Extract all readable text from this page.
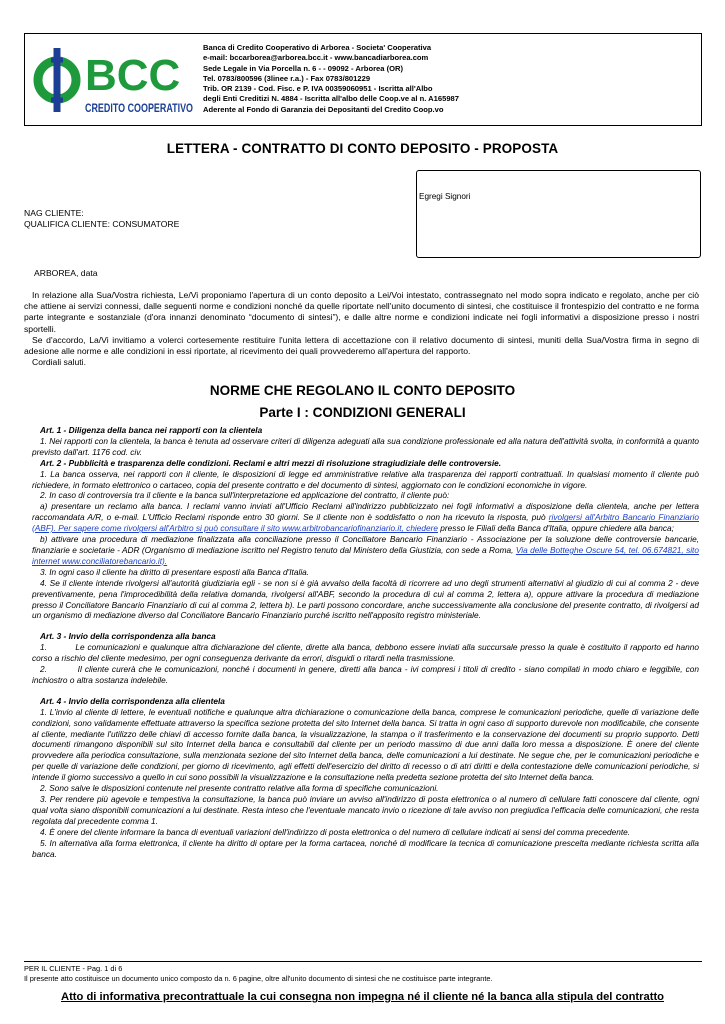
BCC
CREDITO COOPERATIVO
Banca di Credito Cooperativo di Arborea - Societa' Cooperativa
e-mail: bccarborea@arborea.bcc.it - www.bancadiarborea.com
Sede Legale in Via Porcella n. 6 - - 09092 - Arborea (OR)
Tel. 0783/800596 (3linee r.a.) - Fax 0783/801229
Trib. OR 2139 - Cod. Fisc. e P. IVA 00359060951 - Iscritta all'Albo
degli Enti Creditizi N. 4884 - Iscritta all'albo delle Coop.ve al n. A165987
Aderente al Fondo di Garanzia dei Depositanti del Credito Coop.vo
LETTERA - CONTRATTO DI CONTO DEPOSITO - PROPOSTA
Egregi Signori
NAG CLIENTE:
QUALIFICA CLIENTE: CONSUMATORE
ARBOREA, data

In relazione alla Sua/Vostra richiesta, Le/Vi proponiamo l'apertura di un conto deposito a Lei/Voi intestato, contrassegnato nel modo sopra indicato e regolato, anche per ciò che attiene ai servizi connessi, dalle seguenti norme e condizioni nonché da quelle riportate nell'unito documento di sintesi, che costituisce il frontespizio del contratto e ne forma parte integrante e sostanziale (d'ora innanzi denominato “documento di sintesi”), e dalle altre norme e condizioni indicate nei fogli informativi a disposizione presso i nostri sportelli.

Se d'accordo, La/Vi invitiamo a volerci cortesemente restituire l'unita lettera di accettazione con il relativo documento di sintesi, muniti della Sua/Vostra firma in segno di adesione alle norme e alle condizioni in essi riportate, al ricevimento dei quali provvederemo all'apertura del rapporto.

Cordiali saluti.

NORME CHE REGOLANO IL CONTO DEPOSITO
Parte I : CONDIZIONI GENERALI

Art. 1 - Diligenza della banca nei rapporti con la clientela

1. Nei rapporti con la clientela, la banca è tenuta ad osservare criteri di diligenza adeguati alla sua condizione professionale ed alla natura dell'attività svolta, in conformità a quanto previsto dall'art. 1176 cod. civ.

Art. 2 - Pubblicità e trasparenza delle condizioni. Reclami e altri mezzi di risoluzione stragiudiziale delle controversie.

1. La banca osserva, nei rapporti con il cliente, le disposizioni di legge ed amministrative relative alla trasparenza dei rapporti contrattuali. In qualsiasi momento il cliente può richiedere, in formato elettronico o cartaceo, copia del presente contratto e del documento di sintesi, aggiornato con le condizioni economiche in vigore.

2. In caso di controversia tra il cliente e la banca sull'interpretazione ed applicazione del contratto, il cliente può:

a) presentare un reclamo alla banca. I reclami vanno inviati all'Ufficio Reclami all'indirizzo pubblicizzato nei fogli informativi a disposizione della clientela, anche per lettera raccomandata A/R, o e-mail. L'Ufficio Reclami risponde entro 30 giorni. Se il cliente non è soddisfatto o non ha ricevuto la risposta, può rivolgersi all'Arbitro Bancario Finanziario (ABF). Per sapere come rivolgersi all'Arbitro si può consultare il sito www.arbitrobancariofinanziario.it, chiedere presso le Filiali della Banca d'Italia, oppure chiedere alla banca;

b) attivare una procedura di mediazione finalizzata alla conciliazione presso il Conciliatore Bancario Finanziario - Associazione per la soluzione delle controversie bancarie, finanziarie e societarie - ADR (Organismo di mediazione iscritto nel Registro tenuto dal Ministero della Giustizia, con sede a Roma, Via delle Botteghe Oscure 54, tel. 06.674821, sito internet www.conciliatorebancario.it).

3. In ogni caso il cliente ha diritto di presentare esposti alla Banca d'Italia.

4. Se il cliente intende rivolgersi all'autorità giudiziaria egli - se non si è già avvalso della facoltà di ricorrere ad uno degli strumenti alternativi al giudizio di cui al comma 2 - deve preventivamente, pena l'improcedibilità della relativa domanda, rivolgersi all'ABF, secondo la procedura di cui al comma 2, lettera a), oppure attivare la procedura di mediazione presso il Conciliatore Bancario Finanziario di cui al comma 2, lettera b). Le parti possono concordare, anche successivamente alla conclusione del presente contratto, di rivolgersi ad un organismo di mediazione diverso dal Conciliatore Bancario Finanziario purché iscritto nell'apposito registro ministeriale.

Art. 3 - Invio della corrispondenza alla banca

1.          Le comunicazioni e qualunque altra dichiarazione del cliente, dirette alla banca, debbono essere inviati alla succursale presso la quale è costituito il rapporto ed hanno corso a rischio del cliente medesimo, per ogni conseguenza derivante da errori, disguidi o ritardi nella trasmissione.

2.          Il cliente curerà che le comunicazioni, nonché i documenti in genere, diretti alla banca - ivi compresi i titoli di credito - siano compilati in modo chiaro e leggibile, con inchiostro o altra sostanza indelebile.

Art. 4 - Invio della corrispondenza alla clientela

1. L'invio al cliente di lettere, le eventuali notifiche e qualunque altra dichiarazione o comunicazione della banca, comprese le comunicazioni periodiche, quelle di variazione delle condizioni, sono validamente effettuate attraverso la specifica sezione protetta del sito Internet della banca. Si tratta in ogni caso di supporto durevole non modificabile, che consente al cliente, mediante l'utilizzo delle chiavi di accesso fornite dalla banca, la visualizzazione, la stampa o il trasferimento e la conservazione dei documenti su proprio supporto. Detti documenti rimangono disponibili sul sito Internet della banca e consultabili dal cliente per un periodo massimo di due anni dalla loro messa a disposizione. È onere del cliente provvedere alla periodica consultazione, sulla menzionata sezione del sito Internet della banca, delle comunicazioni a lui destinate. Ne segue che, per le comunicazioni periodiche e per quelle di variazione delle condizioni, per giorno di ricevimento, agli effetti dell'esercizio del diritto di recesso o di atri diritti e della contestazione delle comunicazioni periodiche, si intende il giorno successivo a quello in cui sono possibili la visualizzazione e la consultazione nella predetta sezione protetta del sito Internet della banca.

2. Sono salve le disposizioni contenute nel presente contratto relative alla forma di specifiche comunicazioni.

3. Per rendere più agevole e tempestiva la consultazione, la banca può inviare un avviso all'indirizzo di posta elettronica o al numero di cellulare fatti conoscere dal cliente, ogni qual volta siano disponibili comunicazioni a lui destinate. Resta inteso che l'eventuale mancato invio o ricezione di tale avviso non pregiudica l'efficacia delle comunicazioni, che resta regolata dal precedente comma 1.

4. È onere del cliente informare la banca di eventuali variazioni dell'indirizzo di posta elettronica o del numero di cellulare indicati ai sensi del comma precedente.

5. In alternativa alla forma elettronica, il cliente ha diritto di optare per la forma cartacea, nonché di modificare la tecnica di comunicazione prescelta mediante richiesta scritta alla banca.

PER IL CLIENTE - Pag. 1 di 6
Il presente atto costituisce un documento unico composto da n. 6 pagine, oltre all'unito documento di sintesi che ne costituisce parte integrante.
Atto di informativa precontrattuale la cui consegna non impegna né il cliente né la banca alla stipula del contratto
